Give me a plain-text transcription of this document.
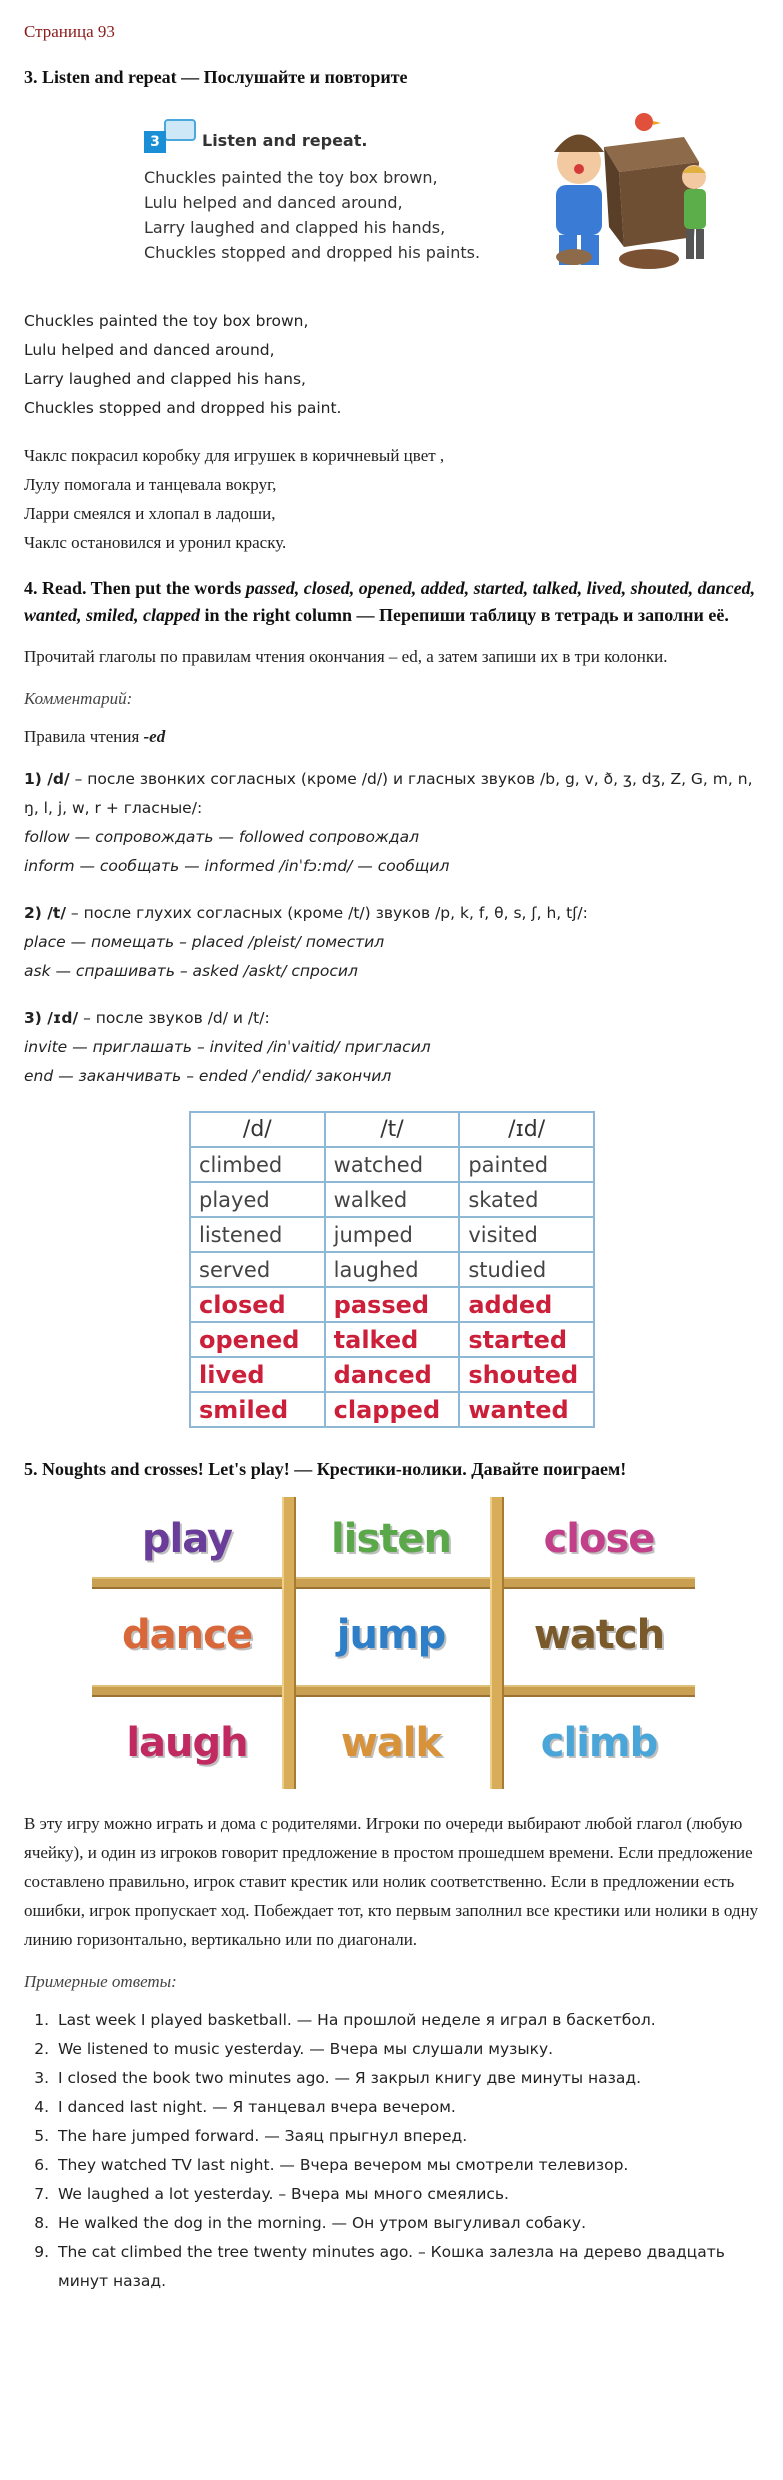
Страница 93
3. Listen and repeat — Послушайте и повторите
3	Listen and repeat.

Chuckles painted the toy box brown,

Lulu helped and danced around,

Larry laughed and clapped his hands,

Chuckles stopped and dropped his paints.

Chuckles painted the toy box brown,

Lulu helped and danced around,

Larry laughed and clapped his hans,

Chuckles stopped and dropped his paint.

Чаклс покрасил коробку для игрушек в коричневый цвет ,

Лулу помогала и танцевала вокруг,

Ларри смеялся и хлопал в ладоши,

Чаклс остановился и уронил краску.

4. Read. Then put the words passed, closed, opened, added, started, talked, lived, shouted, danced, wanted, smiled, clapped in the right column — Перепиши таблицу в тетрадь и заполни её.

Прочитай глаголы по правилам чтения окончания – ed, а затем запиши их в три колонки.

Комментарий:

Правила чтения -ed

1) /d/ – после звонких согласных (кроме /d/) и гласных звуков /b, g, v, ð, ʒ, dʒ, Z, G, m, n, ŋ, l, j, w, r + гласные/:

follow — сопровождать — followed сопровождал

inform — сообщать — informed /inˈfɔ:md/ — сообщил

2) /t/ – после глухих согласных (кроме /t/) звуков /p, k, f, θ, s, ʃ, h, tʃ/:

place — помещать – placed /pleist/ поместил

ask — спрашивать – asked /askt/ спросил

3) /ɪd/ – после звуков /d/ и /t/:

invite — приглашать – invited /inˈvaitid/ пригласил

end — заканчивать – ended /ˈendid/ закончил

/d/	/t/	/ɪd/
climbed	watched	painted
played	walked	skated
listened	jumped	visited
served	laughed	studied
closed	passed	added
opened	talked	started
lived	danced	shouted
smiled	clapped	wanted
5. Noughts and crosses! Let's play! — Крестики-нолики. Давайте поиграем!
play	listen	close
dance	jump	watch
laugh	walk	climb

В эту игру можно играть и дома с родителями. Игроки по очереди выбирают любой глагол (любую ячейку), и один из игроков говорит предложение в простом прошедшем времени. Если предложение составлено правильно, игрок ставит крестик или нолик соответственно. Если в предложении есть ошибки, игрок пропускает ход. Побеждает тот, кто первым заполнил все крестики или нолики в одну линию горизонтально, вертикально или по диагонали.

Примерные ответы:

1. Last week I played basketball. — На прошлой неделе я играл в баскетбол.
2. We listened to music yesterday. — Вчера мы слушали музыку.
3. I closed the book two minutes ago. — Я закрыл книгу две минуты назад.
4. I danced last night. — Я танцевал вчера вечером.
5. The hare jumped forward. — Заяц прыгнул вперед.
6. They watched TV last night. — Вчера вечером мы смотрели телевизор.
7. We laughed a lot yesterday. – Вчера мы много смеялись.
8. He walked the dog in the morning. — Он утром выгуливал собаку.
9. The cat climbed the tree twenty minutes ago. – Кошка залезла на дерево двадцать минут назад.
